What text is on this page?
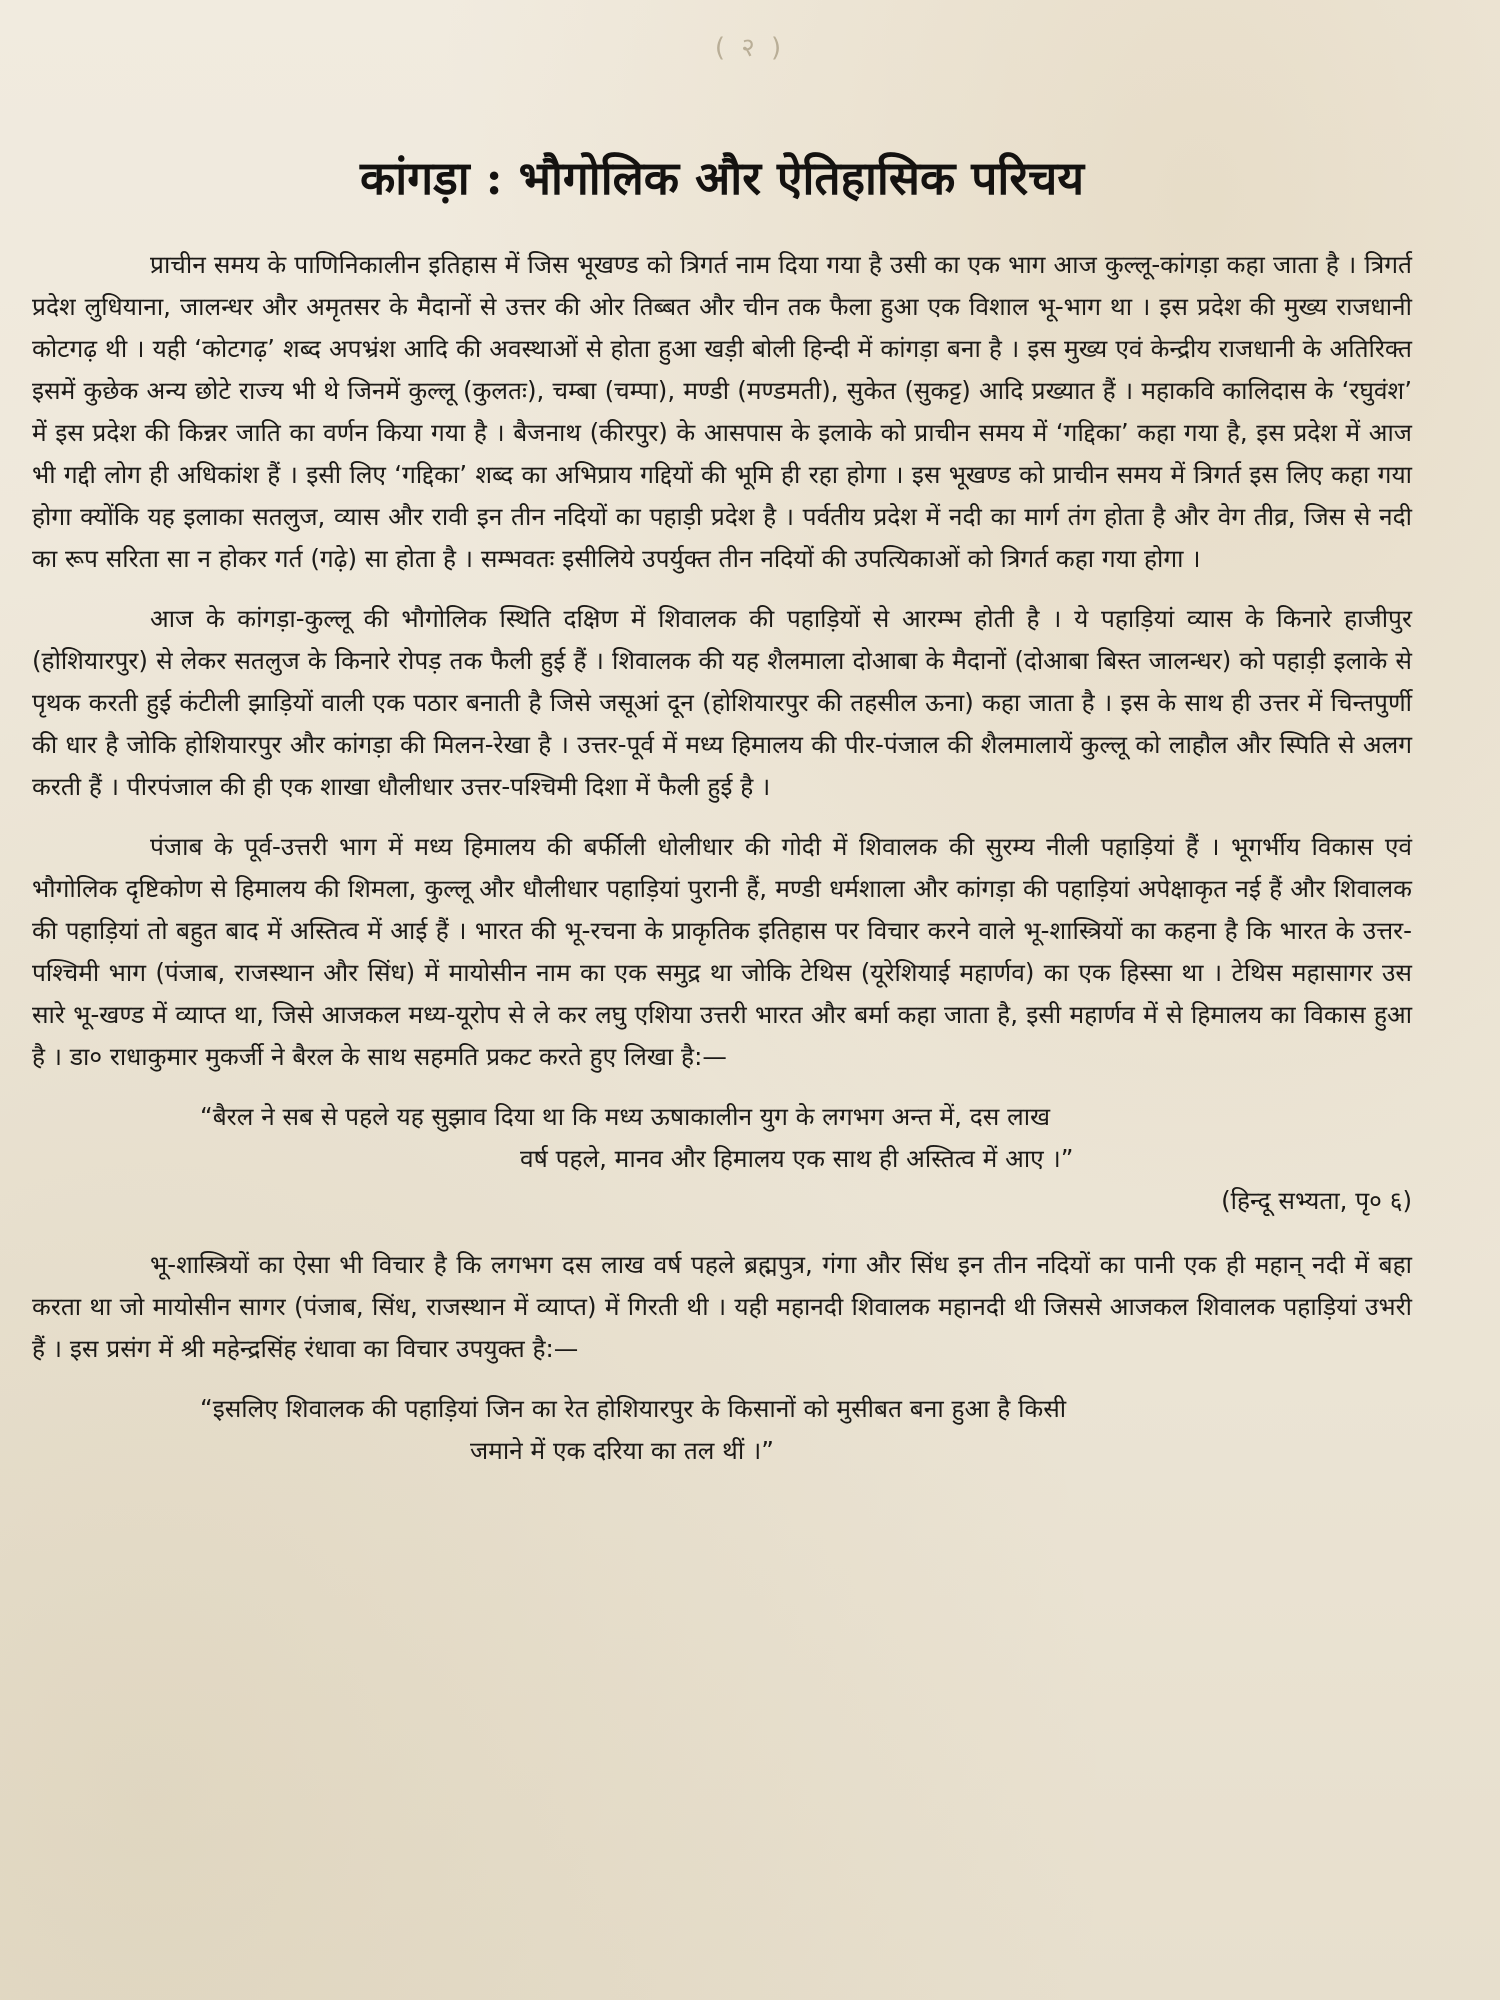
( २ )
कांगड़ा : भौगोलिक और ऐतिहासिक परिचय

प्राचीन समय के पाणिनिकालीन इतिहास में जिस भूखण्ड को त्रिगर्त नाम दिया गया है उसी का एक भाग आज कुल्लू-कांगड़ा कहा जाता है । त्रिगर्त प्रदेश लुधियाना, जालन्धर और अमृतसर के मैदानों से उत्तर की ओर तिब्बत और चीन तक फैला हुआ एक विशाल भू-भाग था । इस प्रदेश की मुख्य राजधानी कोटगढ़ थी । यही ‘कोटगढ़’ शब्द अपभ्रंश आदि की अवस्थाओं से होता हुआ खड़ी बोली हिन्दी में कांगड़ा बना है । इस मुख्य एवं केन्द्रीय राजधानी के अतिरिक्त इसमें कुछेक अन्य छोटे राज्य भी थे जिनमें कुल्लू (कुलतः), चम्बा (चम्पा), मण्डी (मण्डमती), सुकेत (सुकट्ट) आदि प्रख्यात हैं । महाकवि कालिदास के ‘रघुवंश’ में इस प्रदेश की किन्नर जाति का वर्णन किया गया है । बैजनाथ (कीरपुर) के आसपास के इलाके को प्राचीन समय में ‘गद्दिका’ कहा गया है, इस प्रदेश में आज भी गद्दी लोग ही अधिकांश हैं । इसी लिए ‘गद्दिका’ शब्द का अभिप्राय गद्दियों की भूमि ही रहा होगा । इस भूखण्ड को प्राचीन समय में त्रिगर्त इस लिए कहा गया होगा क्योंकि यह इलाका सतलुज, व्यास और रावी इन तीन नदियों का पहाड़ी प्रदेश है । पर्वतीय प्रदेश में नदी का मार्ग तंग होता है और वेग तीव्र, जिस से नदी का रूप सरिता सा न होकर गर्त (गढ़े) सा होता है । सम्भवतः इसीलिये उपर्युक्त तीन नदियों की उपत्यिकाओं को त्रिगर्त कहा गया होगा ।

आज के कांगड़ा-कुल्लू की भौगोलिक स्थिति दक्षिण में शिवालक की पहाड़ियों से आरम्भ होती है । ये पहाड़ियां व्यास के किनारे हाजीपुर (होशियारपुर) से लेकर सतलुज के किनारे रोपड़ तक फैली हुई हैं । शिवालक की यह शैलमाला दोआबा के मैदानों (दोआबा बिस्त जालन्धर) को पहाड़ी इलाके से पृथक करती हुई कंटीली झाड़ियों वाली एक पठार बनाती है जिसे जसूआं दून (होशियारपुर की तहसील ऊना) कहा जाता है । इस के साथ ही उत्तर में चिन्तपुर्णी की धार है जोकि होशियारपुर और कांगड़ा की मिलन-रेखा है । उत्तर-पूर्व में मध्य हिमालय की पीर-पंजाल की शैलमालायें कुल्लू को लाहौल और स्पिति से अलग करती हैं । पीरपंजाल की ही एक शाखा धौलीधार उत्तर-पश्चिमी दिशा में फैली हुई है ।

पंजाब के पूर्व-उत्तरी भाग में मध्य हिमालय की बर्फीली धोलीधार की गोदी में शिवालक की सुरम्य नीली पहाड़ियां हैं । भूगर्भीय विकास एवं भौगोलिक दृष्टिकोण से हिमालय की शिमला, कुल्लू और धौलीधार पहाड़ियां पुरानी हैं, मण्डी धर्मशाला और कांगड़ा की पहाड़ियां अपेक्षाकृत नई हैं और शिवालक की पहाड़ियां तो बहुत बाद में अस्तित्व में आई हैं । भारत की भू-रचना के प्राकृतिक इतिहास पर विचार करने वाले भू-शास्त्रियों का कहना है कि भारत के उत्तर-पश्चिमी भाग (पंजाब, राजस्थान और सिंध) में मायोसीन नाम का एक समुद्र था जोकि टेथिस (यूरेशियाई महार्णव) का एक हिस्सा था । टेथिस महासागर उस सारे भू-खण्ड में व्याप्त था, जिसे आजकल मध्य-यूरोप से ले कर लघु एशिया उत्तरी भारत और बर्मा कहा जाता है, इसी महार्णव में से हिमालय का विकास हुआ है । डा० राधाकुमार मुकर्जी ने बैरल के साथ सहमति प्रकट करते हुए लिखा है:—

“बैरल ने सब से पहले यह सुझाव दिया था कि मध्य ऊषाकालीन युग के लगभग अन्त में, दस लाख
वर्ष पहले, मानव और हिमालय एक साथ ही अस्तित्व में आए ।”
(हिन्दू सभ्यता, पृ० ६)

भू-शास्त्रियों का ऐसा भी विचार है कि लगभग दस लाख वर्ष पहले ब्रह्मपुत्र, गंगा और सिंध इन तीन नदियों का पानी एक ही महान् नदी में बहा करता था जो मायोसीन सागर (पंजाब, सिंध, राजस्थान में व्याप्त) में गिरती थी । यही महानदी शिवालक महानदी थी जिससे आजकल शिवालक पहाड़ियां उभरी हैं । इस प्रसंग में श्री महेन्द्रसिंह रंधावा का विचार उपयुक्त है:—

“इसलिए शिवालक की पहाड़ियां जिन का रेत होशियारपुर के किसानों को मुसीबत बना हुआ है किसी
जमाने में एक दरिया का तल थीं ।”
